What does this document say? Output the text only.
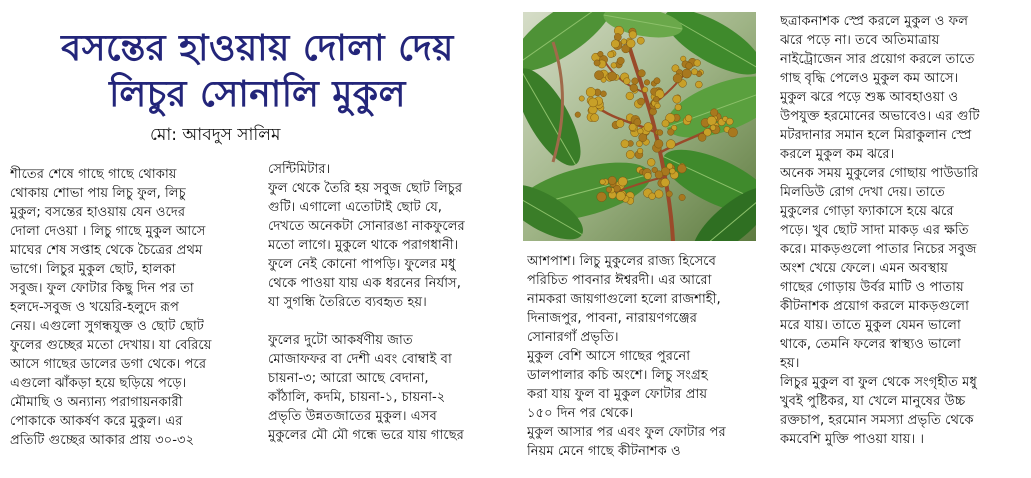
বসন্তের হাওয়ায় দোলা দেয়
লিচুর সোনালি মুকুল
মো: আবদুস সালিম

শীতের শেষে গাছে গাছে থোকায়

থোকায় শোভা পায় লিচু ফুল, লিচু

মুকুল; বসন্তের হাওয়ায় যেন ওদের

দোলা দেওয়া । লিচু গাছে মুকুল আসে

মাঘের শেষ সপ্তাহ থেকে চৈত্রের প্রথম

ভাগে। লিচুর মুকুল ছোট, হালকা

সবুজ। ফুল ফোটার কিছু দিন পর তা

হলদে-সবুজ ও খয়েরি-হলুদে রূপ

নেয়। এগুলো সুগন্ধযুক্ত ও ছোট ছোট

ফুলের গুচ্ছের মতো দেখায়। যা বেরিয়ে

আসে গাছের ডালের ডগা থেকে। পরে

এগুলো ঝাঁকড়া হয়ে ছড়িয়ে পড়ে।

মৌমাছি ও অন্যান্য পরাগায়নকারী

পোকাকে আকর্ষণ করে মুকুল। এর

প্রতিটি গুচ্ছের আকার প্রায় ৩০-৩২

সেন্টিমিটার।

ফুল থেকে তৈরি হয় সবুজ ছোট লিচুর

গুটি। এগালো এতোটাই ছোট যে,

দেখতে অনেকটা সোনারঙা নাকফুলের

মতো লাগে। মুকুলে থাকে পরাগধানী।

ফুলে নেই কোনো পাপড়ি। ফুলের মধু

থেকে পাওয়া যায় এক ধরনের নির্যাস,

যা সুগন্ধি তৈরিতে ব্যবহৃত হয়।

ফুলের দুটো আকর্ষণীয় জাত

মোজাফফর বা দেশী এবং বোম্বাই বা

চায়না-৩; আরো আছে বেদানা,

কাঁঠালি, কদমি, চায়না-১, চায়না-২

প্রভৃতি উন্নতজাতের মুকুল। এসব

মুকুলের মৌ মৌ গন্ধে ভরে যায় গাছের

আশপাশ। লিচু মুকুলের রাজ্য হিসেবে

পরিচিত পাবনার ঈশ্বরদী। এর আরো

নামকরা জায়গাগুলো হলো রাজশাহী,

দিনাজপুর, পাবনা, নারায়ণগঞ্জের

সোনারগাঁ প্রভৃতি।

মুকুল বেশি আসে গাছের পুরনো

ডালপালার কচি অংশে। লিচু সংগ্রহ

করা যায় ফুল বা মুকুল ফোটার প্রায়

১৫০ দিন পর থেকে।

মুকুল আসার পর এবং ফুল ফোটার পর

নিয়ম মেনে গাছে কীটনাশক ও

ছত্রাকনাশক স্প্রে করলে মুকুল ও ফল

ঝরে পড়ে না। তবে অতিমাত্রায়

নাইট্রোজেন সার প্রয়োগ করলে তাতে

গাছ বৃদ্ধি পেলেও মুকুল কম আসে।

মুকুল ঝরে পড়ে শুষ্ক আবহাওয়া ও

উপযুক্ত হরমোনের অভাবেও। এর গুটি

মটরদানার সমান হলে মিরাকুলান স্প্রে

করলে মুকুল কম ঝরে।

অনেক সময় মুকুলের গোছায় পাউডারি

মিলডিউ রোগ দেখা দেয়। তাতে

মুকুলের গোড়া ফ্যাকাসে হয়ে ঝরে

পড়ে। খুব ছোট সাদা মাকড় এর ক্ষতি

করে। মাকড়গুলো পাতার নিচের সবুজ

অংশ খেয়ে ফেলে। এমন অবস্থায়

গাছের গোড়ায় উর্বর মাটি ও পাতায়

কীটনাশক প্রয়োগ করলে মাকড়গুলো

মরে যায়। তাতে মুকুল যেমন ভালো

থাকে, তেমনি ফলের স্বাস্থ্যও ভালো

হয়।

লিচুর মুকুল বা ফুল থেকে সংগৃহীত মধু

খুবই পুষ্টিকর, যা খেলে মানুষের উচ্চ

রক্তচাপ, হরমোন সমস্যা প্রভৃতি থেকে

কমবেশি মুক্তি পাওয়া যায়। ।
